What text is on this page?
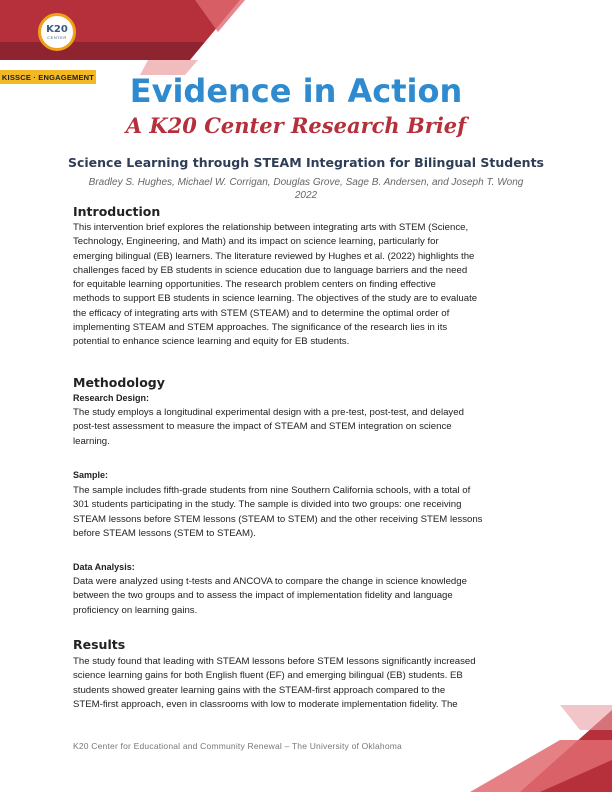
K20
CENTER
KISSCE · ENGAGEMENT	Evidence in Action
A K20 Center Research Brief
Science Learning through STEAM Integration for Bilingual Students
Bradley S. Hughes, Michael W. Corrigan, Douglas Grove, Sage B. Andersen, and Joseph T. Wong
2022
Introduction
This intervention brief explores the relationship between integrating arts with STEM (Science,
Technology, Engineering, and Math) and its impact on science learning, particularly for
emerging bilingual (EB) learners. The literature reviewed by Hughes et al. (2022) highlights the
challenges faced by EB students in science education due to language barriers and the need
for equitable learning opportunities. The research problem centers on finding effective
methods to support EB students in science learning. The objectives of the study are to evaluate
the efficacy of integrating arts with STEM (STEAM) and to determine the optimal order of
implementing STEAM and STEM approaches. The significance of the research lies in its
potential to enhance science learning and equity for EB students.
Methodology
Research Design:
The study employs a longitudinal experimental design with a pre-test, post-test, and delayed
post-test assessment to measure the impact of STEAM and STEM integration on science
learning.
Sample:
The sample includes fifth-grade students from nine Southern California schools, with a total of
301 students participating in the study. The sample is divided into two groups: one receiving
STEAM lessons before STEM lessons (STEAM to STEM) and the other receiving STEM lessons
before STEAM lessons (STEM to STEAM).
Data Analysis:
Data were analyzed using t-tests and ANCOVA to compare the change in science knowledge
between the two groups and to assess the impact of implementation fidelity and language
proficiency on learning gains.
Results
The study found that leading with STEAM lessons before STEM lessons significantly increased
science learning gains for both English fluent (EF) and emerging bilingual (EB) students. EB
students showed greater learning gains with the STEAM-first approach compared to the
STEM-first approach, even in classrooms with low to moderate implementation fidelity. The
K20 Center for Educational and Community Renewal – The University of Oklahoma
